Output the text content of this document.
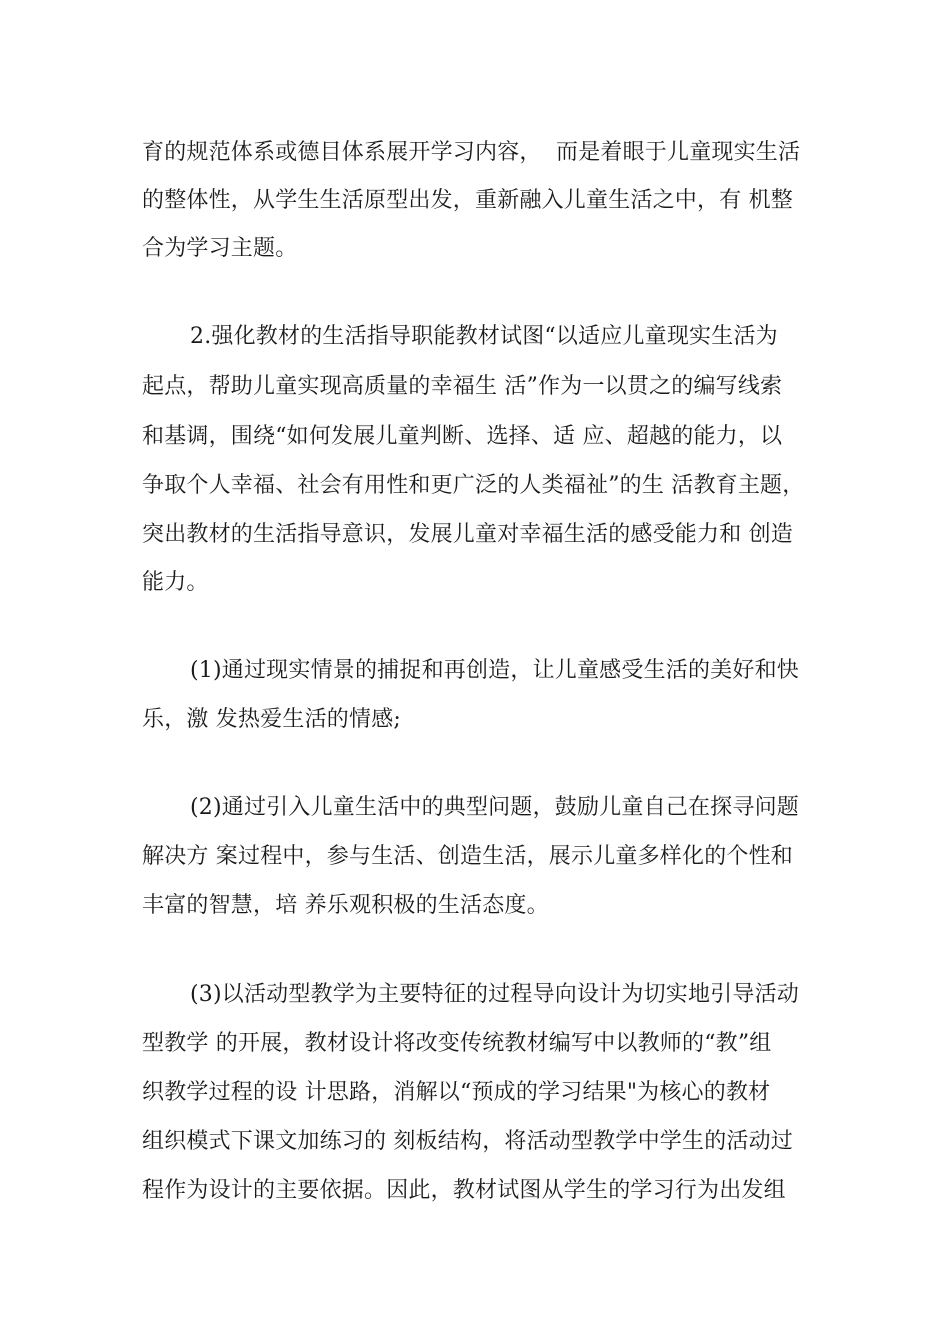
育的规范体系或德目体系展开学习内容，  而是着眼于儿童现实生活
的整体性，从学生生活原型出发，重新融入儿童生活之中，有 机整
合为学习主题。
2.强化教材的生活指导职能教材试图“以适应儿童现实生活为
起点，帮助儿童实现高质量的幸福生 活”作为一以贯之的编写线索
和基调，围绕“如何发展儿童判断、选择、适 应、超越的能力，以
争取个人幸福、社会有用性和更广泛的人类福祉”的生 活教育主题，
突出教材的生活指导意识，发展儿童对幸福生活的感受能力和 创造
能力。
(1)通过现实情景的捕捉和再创造，让儿童感受生活的美好和快
乐，激 发热爱生活的情感;
(2)通过引入儿童生活中的典型问题，鼓励儿童自己在探寻问题
解决方 案过程中，参与生活、创造生活，展示儿童多样化的个性和
丰富的智慧，培 养乐观积极的生活态度。
(3)以活动型教学为主要特征的过程导向设计为切实地引导活动
型教学 的开展，教材设计将改变传统教材编写中以教师的“教”组
织教学过程的设 计思路，消解以“预成的学习结果"为核心的教材
组织模式下课文加练习的 刻板结构，将活动型教学中学生的活动过
程作为设计的主要依据。因此，教材试图从学生的学习行为出发组
